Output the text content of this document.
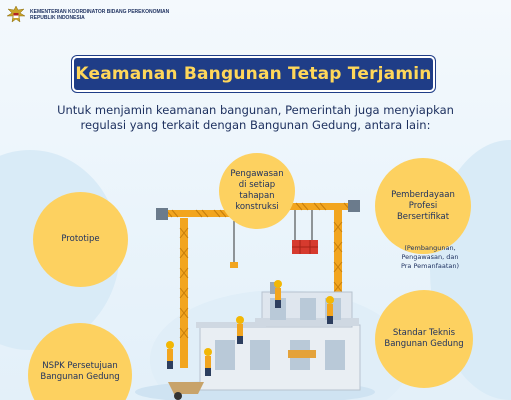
KEMENTERIAN KOORDINATOR BIDANG PEREKONOMIAN
REPUBLIK INDONESIA
Keamanan Bangunan Tetap Terjamin
Untuk menjamin keamanan bangunan, Pemerintah juga menyiapkan
regulasi yang terkait dengan Bangunan Gedung, antara lain:
Pengawasan
di setiap
tahapan
konstruksi
Pemberdayaan
Profesi
Bersertifikat
(Pembangunan,
Pengawasan, dan
Pra Pemanfaatan)
Prototipe
Standar Teknis
Bangunan Gedung
NSPK Persetujuan
Bangunan Gedung
